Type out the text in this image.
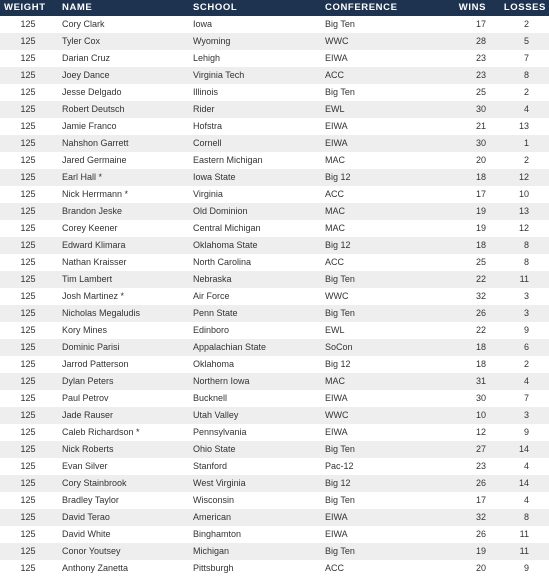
WEIGHT	NAME	SCHOOL	CONFERENCE	WINS	LOSSES
125	Cory Clark	Iowa	Big Ten	17	2
125	Tyler Cox	Wyoming	WWC	28	5
125	Darian Cruz	Lehigh	EIWA	23	7
125	Joey Dance	Virginia Tech	ACC	23	8
125	Jesse Delgado	Illinois	Big Ten	25	2
125	Robert Deutsch	Rider	EWL	30	4
125	Jamie Franco	Hofstra	EIWA	21	13
125	Nahshon Garrett	Cornell	EIWA	30	1
125	Jared Germaine	Eastern Michigan	MAC	20	2
125	Earl Hall *	Iowa State	Big 12	18	12
125	Nick Herrmann *	Virginia	ACC	17	10
125	Brandon Jeske	Old Dominion	MAC	19	13
125	Corey Keener	Central Michigan	MAC	19	12
125	Edward Klimara	Oklahoma State	Big 12	18	8
125	Nathan Kraisser	North Carolina	ACC	25	8
125	Tim Lambert	Nebraska	Big Ten	22	11
125	Josh Martinez *	Air Force	WWC	32	3
125	Nicholas Megaludis	Penn State	Big Ten	26	3
125	Kory Mines	Edinboro	EWL	22	9
125	Dominic Parisi	Appalachian State	SoCon	18	6
125	Jarrod Patterson	Oklahoma	Big 12	18	2
125	Dylan Peters	Northern Iowa	MAC	31	4
125	Paul Petrov	Bucknell	EIWA	30	7
125	Jade Rauser	Utah Valley	WWC	10	3
125	Caleb Richardson *	Pennsylvania	EIWA	12	9
125	Nick Roberts	Ohio State	Big Ten	27	14
125	Evan Silver	Stanford	Pac-12	23	4
125	Cory Stainbrook	West Virginia	Big 12	26	14
125	Bradley Taylor	Wisconsin	Big Ten	17	4
125	David Terao	American	EIWA	32	8
125	David White	Binghamton	EIWA	26	11
125	Conor Youtsey	Michigan	Big Ten	19	11
125	Anthony Zanetta	Pittsburgh	ACC	20	9
